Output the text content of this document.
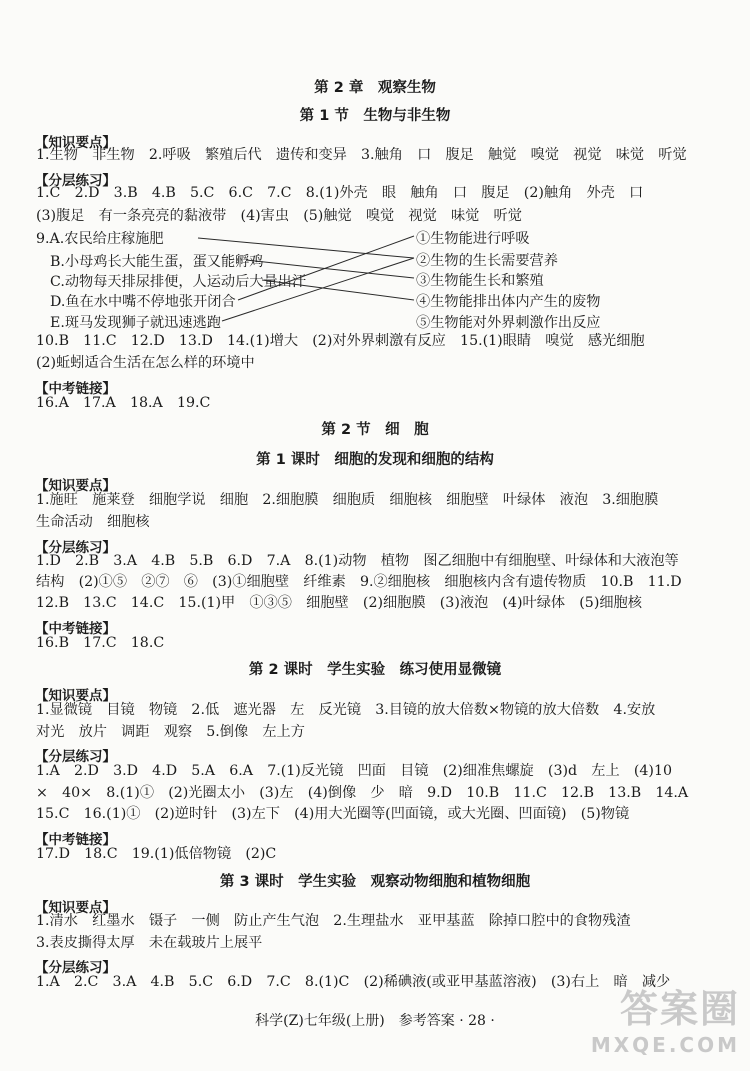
第 2 章　观察生物
第 1 节　生物与非生物
【知识要点】
1.生物　非生物　2.呼吸　繁殖后代　遗传和变异　3.触角　口　腹足　触觉　嗅觉　视觉　味觉　听觉
【分层练习】
1.C　2.D　3.B　4.B　5.C　6.C　7.C　8.(1)外壳　眼　触角　口　腹足　(2)触角　外壳　口
(3)腹足　有一条亮亮的黏液带　(4)害虫　(5)触觉　嗅觉　视觉　味觉　听觉
9.A.农民给庄稼施肥
B.小母鸡长大能生蛋，蛋又能孵鸡
C.动物每天排尿排便，人运动后大量出汗
D.鱼在水中嘴不停地张开闭合
E.斑马发现狮子就迅速逃跑
①生物能进行呼吸
②生物的生长需要营养
③生物能生长和繁殖
④生物能排出体内产生的废物
⑤生物能对外界刺激作出反应
10.B　11.C　12.D　13.D　14.(1)增大　(2)对外界刺激有反应　15.(1)眼睛　嗅觉　感光细胞
(2)蚯蚓适合生活在怎么样的环境中
【中考链接】
16.A　17.A　18.A　19.C
第 2 节　细　胞
第 1 课时　细胞的发现和细胞的结构
【知识要点】
1.施旺　施莱登　细胞学说　细胞　2.细胞膜　细胞质　细胞核　细胞壁　叶绿体　液泡　3.细胞膜
生命活动　细胞核
【分层练习】
1.D　2.B　3.A　4.B　5.B　6.D　7.A　8.(1)动物　植物　图乙细胞中有细胞壁、叶绿体和大液泡等
结构　(2)①⑤　②⑦　⑥　(3)①细胞壁　纤维素　9.②细胞核　细胞核内含有遗传物质　10.B　11.D
12.B　13.C　14.C　15.(1)甲　①③⑤　细胞壁　(2)细胞膜　(3)液泡　(4)叶绿体　(5)细胞核
【中考链接】
16.B　17.C　18.C
第 2 课时　学生实验　练习使用显微镜
【知识要点】
1.显微镜　目镜　物镜　2.低　遮光器　左　反光镜　3.目镜的放大倍数×物镜的放大倍数　4.安放
对光　放片　调距　观察　5.倒像　左上方
【分层练习】
1.A　2.D　3.D　4.D　5.A　6.A　7.(1)反光镜　凹面　目镜　(2)细准焦螺旋　(3)d　左上　(4)10
×　40×　8.(1)①　(2)光圈太小　(3)左　(4)倒像　少　暗　9.D　10.B　11.C　12.B　13.B　14.A
15.C　16.(1)①　(2)逆时针　(3)左下　(4)用大光圈等(凹面镜，或大光圈、凹面镜)　(5)物镜
【中考链接】
17.D　18.C　19.(1)低倍物镜　(2)C
第 3 课时　学生实验　观察动物细胞和植物细胞
【知识要点】
1.清水　红墨水　镊子　一侧　防止产生气泡　2.生理盐水　亚甲基蓝　除掉口腔中的食物残渣
3.表皮撕得太厚　未在载玻片上展平
【分层练习】
1.A　2.C　3.A　4.B　5.C　6.D　7.C　8.(1)C　(2)稀碘液(或亚甲基蓝溶液)　(3)右上　暗　减少
科学(Z)七年级(上册)　参考答案 · 28 ·	答案圈
MXQE.COM
